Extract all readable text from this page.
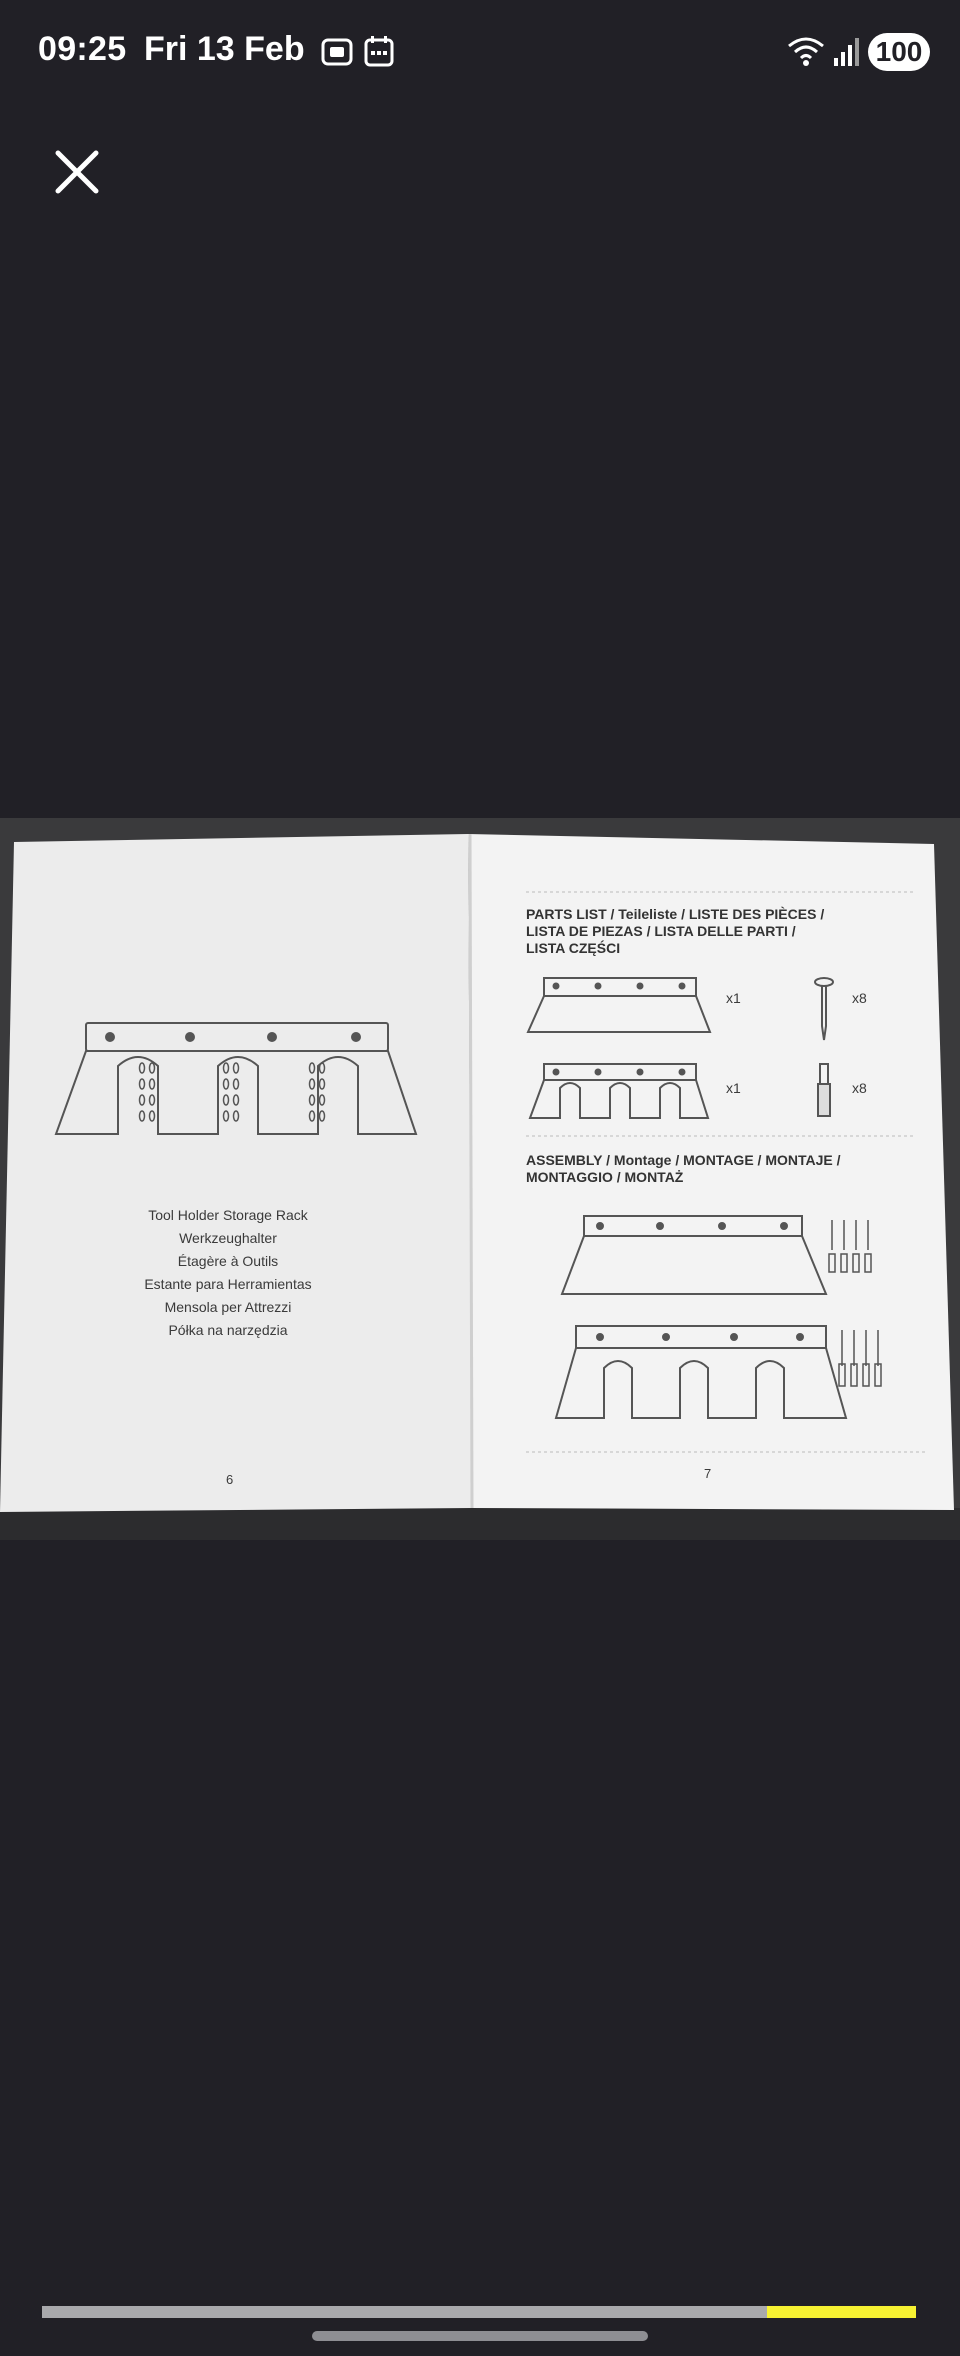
09:25 Fri 13 Feb	100
Tool Holder Storage Rack
Werkzeughalter
Étagère à Outils
Estante para Herramientas
Mensola per Attrezzi
Półka na narzędzia
6
PARTS LIST / Teileliste / LISTE DES PIÈCES /
LISTA DE PIEZAS / LISTA DELLE PARTI /
LISTA CZĘŚCI
x1	x8
x1	x8
ASSEMBLY / Montage / MONTAGE / MONTAJE /
MONTAGGIO / MONTAŻ
7
